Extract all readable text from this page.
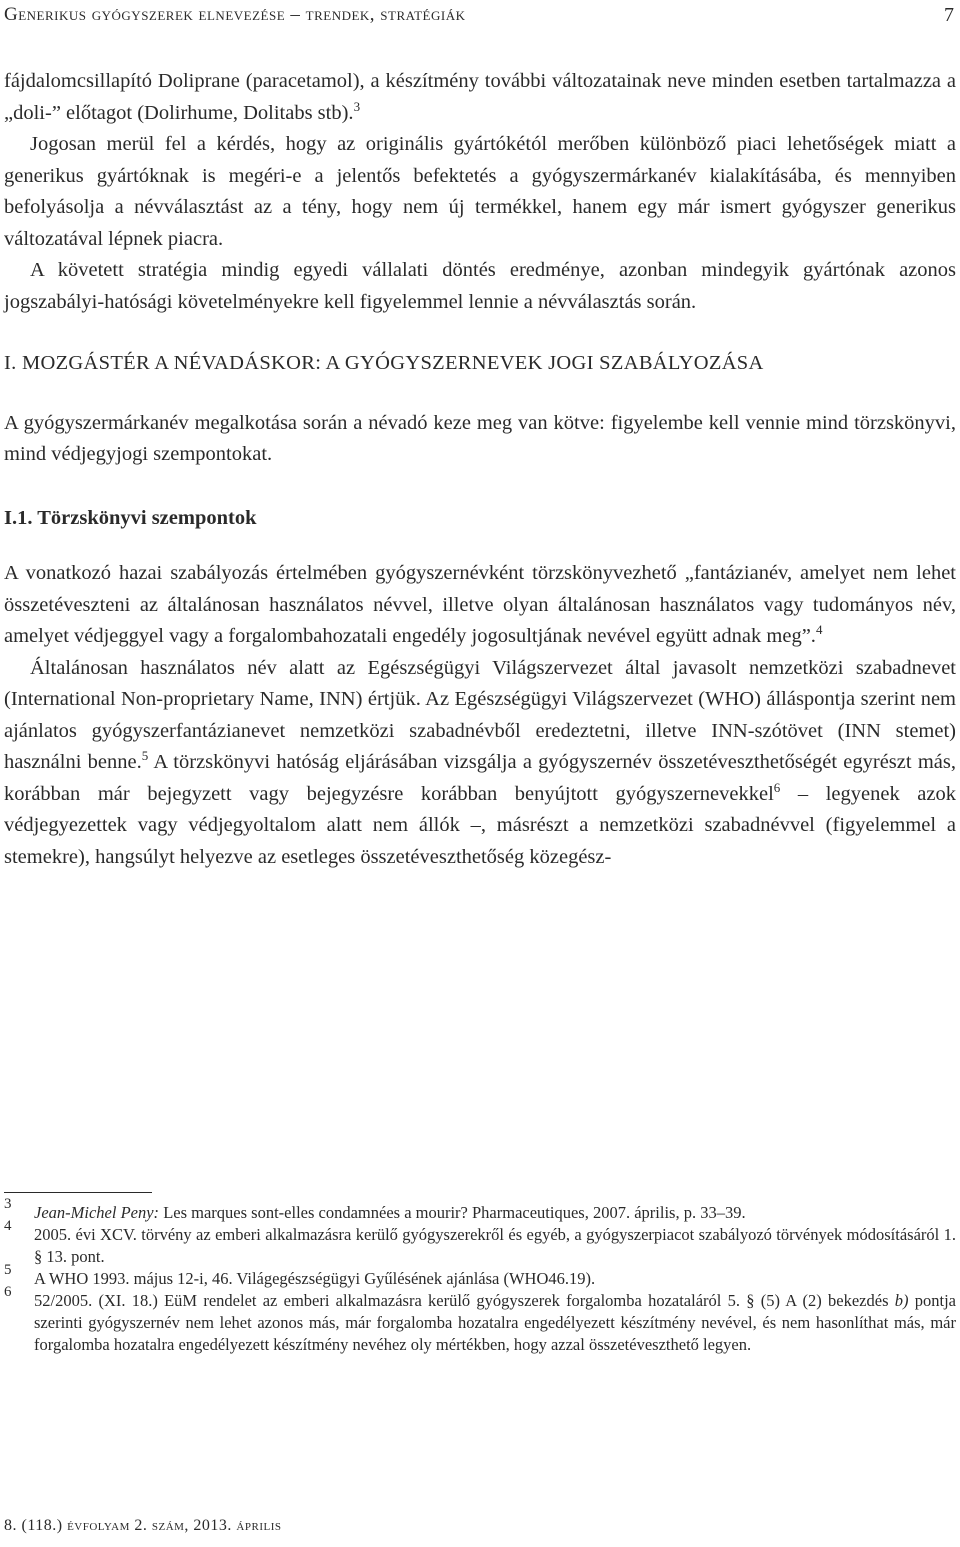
Generikus gyógyszerek elnevezése – trendek, stratégiák	7

fájdalomcsillapító Doliprane (paracetamol), a készítmény további változatainak neve minden esetben tartalmazza a „doli-” előtagot (Dolirhume, Dolitabs stb).$^3$

Jogosan merül fel a kérdés, hogy az originális gyártókétól merőben különböző piaci lehetőségek miatt a generikus gyártóknak is megéri-e a jelentős befektetés a gyógyszermárkanév kialakításába, és mennyiben befolyásolja a névválasztást az a tény, hogy nem új termékkel, hanem egy már ismert gyógyszer generikus változatával lépnek piacra.

A követett stratégia mindig egyedi vállalati döntés eredménye, azonban mindegyik gyártónak azonos jogszabályi-hatósági követelményekre kell figyelemmel lennie a névválasztás során.

I. MOZGÁSTÉR A NÉVADÁSKOR: A GYÓGYSZERNEVEK JOGI SZABÁLYOZÁSA

A gyógyszermárkanév megalkotása során a névadó keze meg van kötve: figyelembe kell vennie mind törzskönyvi, mind védjegyjogi szempontokat.

I.1. Törzskönyvi szempontok

A vonatkozó hazai szabályozás értelmében gyógyszernévként törzskönyvezhető „fantázianév, amelyet nem lehet összetéveszteni az általánosan használatos névvel, illetve olyan általánosan használatos vagy tudományos név, amelyet védjeggyel vagy a forgalombahozatali engedély jogosultjának nevével együtt adnak meg”.$^4$

Általánosan használatos név alatt az Egészségügyi Világszervezet által javasolt nemzetközi szabadnevet (International Non-proprietary Name, INN) értjük. Az Egészségügyi Világszervezet (WHO) álláspontja szerint nem ajánlatos gyógyszerfantázianevet nemzetközi szabadnévből eredeztetni, illetve INN-szótövet (INN stemet) használni benne.$^5$ A törzskönyvi hatóság eljárásában vizsgálja a gyógyszernév összetéveszthetőségét egyrészt más, korábban már bejegyzett vagy bejegyzésre korábban benyújtott gyógyszernevekkel$^6$ – legyenek azok védjegyezettek vagy védjegyoltalom alatt nem állók –, másrészt a nemzetközi szabadnévvel (figyelemmel a stemekre), hangsúlyt helyezve az esetleges összetéveszthetőség közegész-

3 Jean-Michel Peny: Les marques sont-elles condamnées a mourir? Pharmaceutiques, 2007. április, p. 33–39.
4 2005. évi XCV. törvény az emberi alkalmazásra kerülő gyógyszerekről és egyéb, a gyógyszerpiacot szabályozó törvények módosításáról 1. § 13. pont.
5 A WHO 1993. május 12-i, 46. Világegészségügyi Gyűlésének ajánlása (WHO46.19).
6 52/2005. (XI. 18.) EüM rendelet az emberi alkalmazásra kerülő gyógyszerek forgalomba hozataláról 5. § (5) A (2) bekezdés b) pontja szerinti gyógyszernév nem lehet azonos más, már forgalomba hozatalra engedélyezett készítmény nevével, és nem hasonlíthat más, már forgalomba hozatalra engedélyezett készítmény nevéhez oly mértékben, hogy azzal összetéveszthető legyen.
8. (118.) évfolyam 2. szám, 2013. április
